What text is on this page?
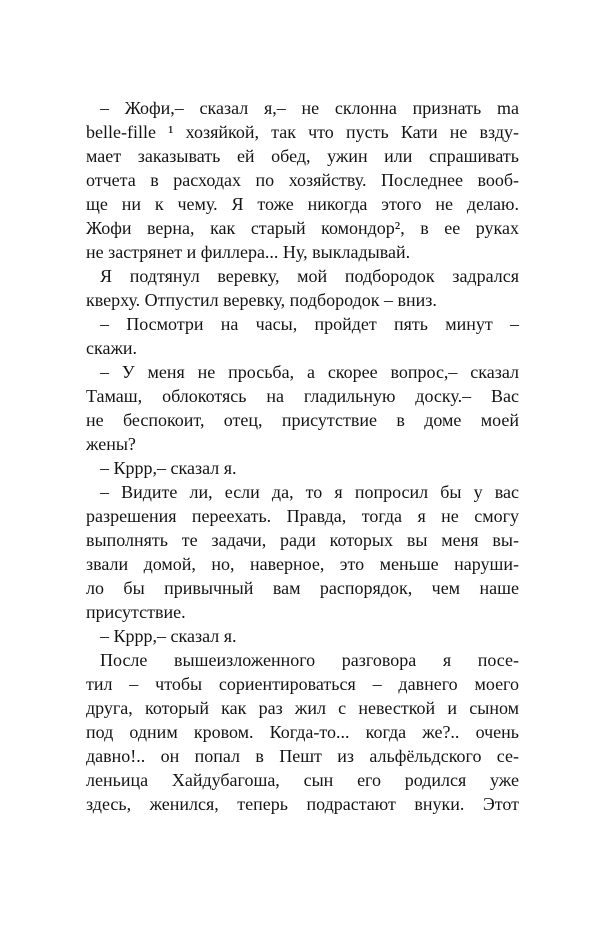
– Жофи,– сказал я,– не склонна признать ma
belle-fille ¹ хозяйкой, так что пусть Кати не взду-
мает заказывать ей обед, ужин или спрашивать
отчета в расходах по хозяйству. Последнее вооб-
ще ни к чему. Я тоже никогда этого не делаю.
Жофи верна, как старый комондор², в ее руках
не застрянет и филлера... Ну, выкладывай.
Я подтянул веревку, мой подбородок задрался
кверху. Отпустил веревку, подбородок – вниз.
– Посмотри на часы, пройдет пять минут –
скажи.
– У меня не просьба, а скорее вопрос,– сказал
Тамаш, облокотясь на гладильную доску.– Вас
не беспокоит, отец, присутствие в доме моей
жены?
– Кррр,– сказал я.
– Видите ли, если да, то я попросил бы у вас
разрешения переехать. Правда, тогда я не смогу
выполнять те задачи, ради которых вы меня вы-
звали домой, но, наверное, это меньше наруши-
ло бы привычный вам распорядок, чем наше
присутствие.
– Кррр,– сказал я.
После вышеизложенного разговора я посе-
тил – чтобы сориентироваться – давнего моего
друга, который как раз жил с невесткой и сыном
под одним кровом. Когда-то... когда же?.. очень
давно!.. он попал в Пешт из альфёльдского се-
леньица Хайдубагоша, сын его родился уже
здесь, женился, теперь подрастают внуки. Этот
